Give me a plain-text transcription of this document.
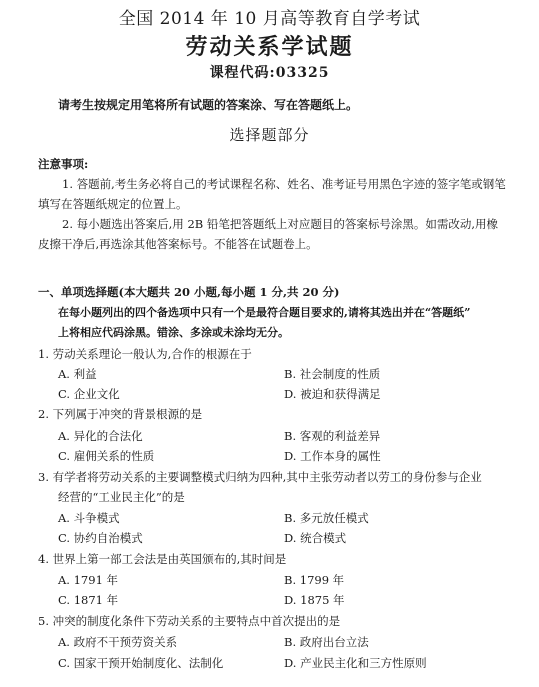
全国 2014 年 10 月高等教育自学考试
劳动关系学试题
课程代码:03325
请考生按规定用笔将所有试题的答案涂、写在答题纸上。
选择题部分
注意事项:
1. 答题前,考生务必将自己的考试课程名称、姓名、准考证号用黑色字迹的签字笔或钢笔
填写在答题纸规定的位置上。
2. 每小题选出答案后,用 2B 铅笔把答题纸上对应题目的答案标号涂黑。如需改动,用橡
皮擦干净后,再选涂其他答案标号。不能答在试题卷上。
一、单项选择题(本大题共 20 小题,每小题 1 分,共 20 分)
在每小题列出的四个备选项中只有一个是最符合题目要求的,请将其选出并在“答题纸”
上将相应代码涂黑。错涂、多涂或未涂均无分。
1. 劳动关系理论一般认为,合作的根源在于
A. 利益	B. 社会制度的性质
C. 企业文化	D. 被迫和获得满足
2. 下列属于冲突的背景根源的是
A. 异化的合法化	B. 客观的利益差异
C. 雇佣关系的性质	D. 工作本身的属性
3. 有学者将劳动关系的主要调整模式归纳为四种,其中主张劳动者以劳工的身份参与企业
经营的“工业民主化”的是
A. 斗争模式	B. 多元放任模式
C. 协约自治模式	D. 统合模式
4. 世界上第一部工会法是由英国颁布的,其时间是
A. 1791 年	B. 1799 年
C. 1871 年	D. 1875 年
5. 冲突的制度化条件下劳动关系的主要特点中首次提出的是
A. 政府不干预劳资关系	B. 政府出台立法
C. 国家干预开始制度化、法制化	D. 产业民主化和三方性原则
